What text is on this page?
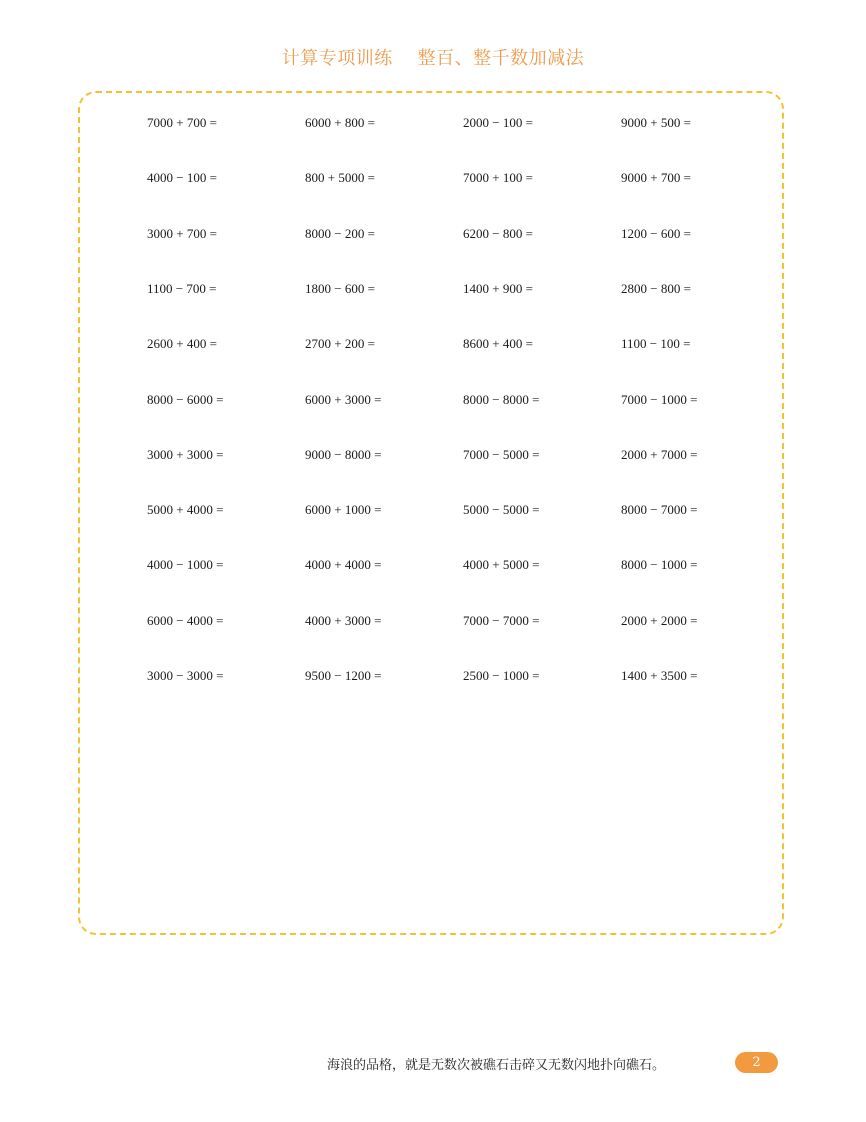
计算专项训练    整百、整千数加减法
7000 + 700 =	6000 + 800 =	2000 − 100 =	9000 + 500 =
4000 − 100 =	800 + 5000 =	7000 + 100 =	9000 + 700 =
3000 + 700 =	8000 − 200 =	6200 − 800 =	1200 − 600 =
1100 − 700 =	1800 − 600 =	1400 + 900 =	2800 − 800 =
2600 + 400 =	2700 + 200 =	8600 + 400 =	1100 − 100 =
8000 − 6000 =	6000 + 3000 =	8000 − 8000 =	7000 − 1000 =
3000 + 3000 =	9000 − 8000 =	7000 − 5000 =	2000 + 7000 =
5000 + 4000 =	6000 + 1000 =	5000 − 5000 =	8000 − 7000 =
4000 − 1000 =	4000 + 4000 =	4000 + 5000 =	8000 − 1000 =
6000 − 4000 =	4000 + 3000 =	7000 − 7000 =	2000 + 2000 =
3000 − 3000 =	9500 − 1200 =	2500 − 1000 =	1400 + 3500 =
海浪的品格，就是无数次被礁石击碎又无数闪地扑向礁石。	2
